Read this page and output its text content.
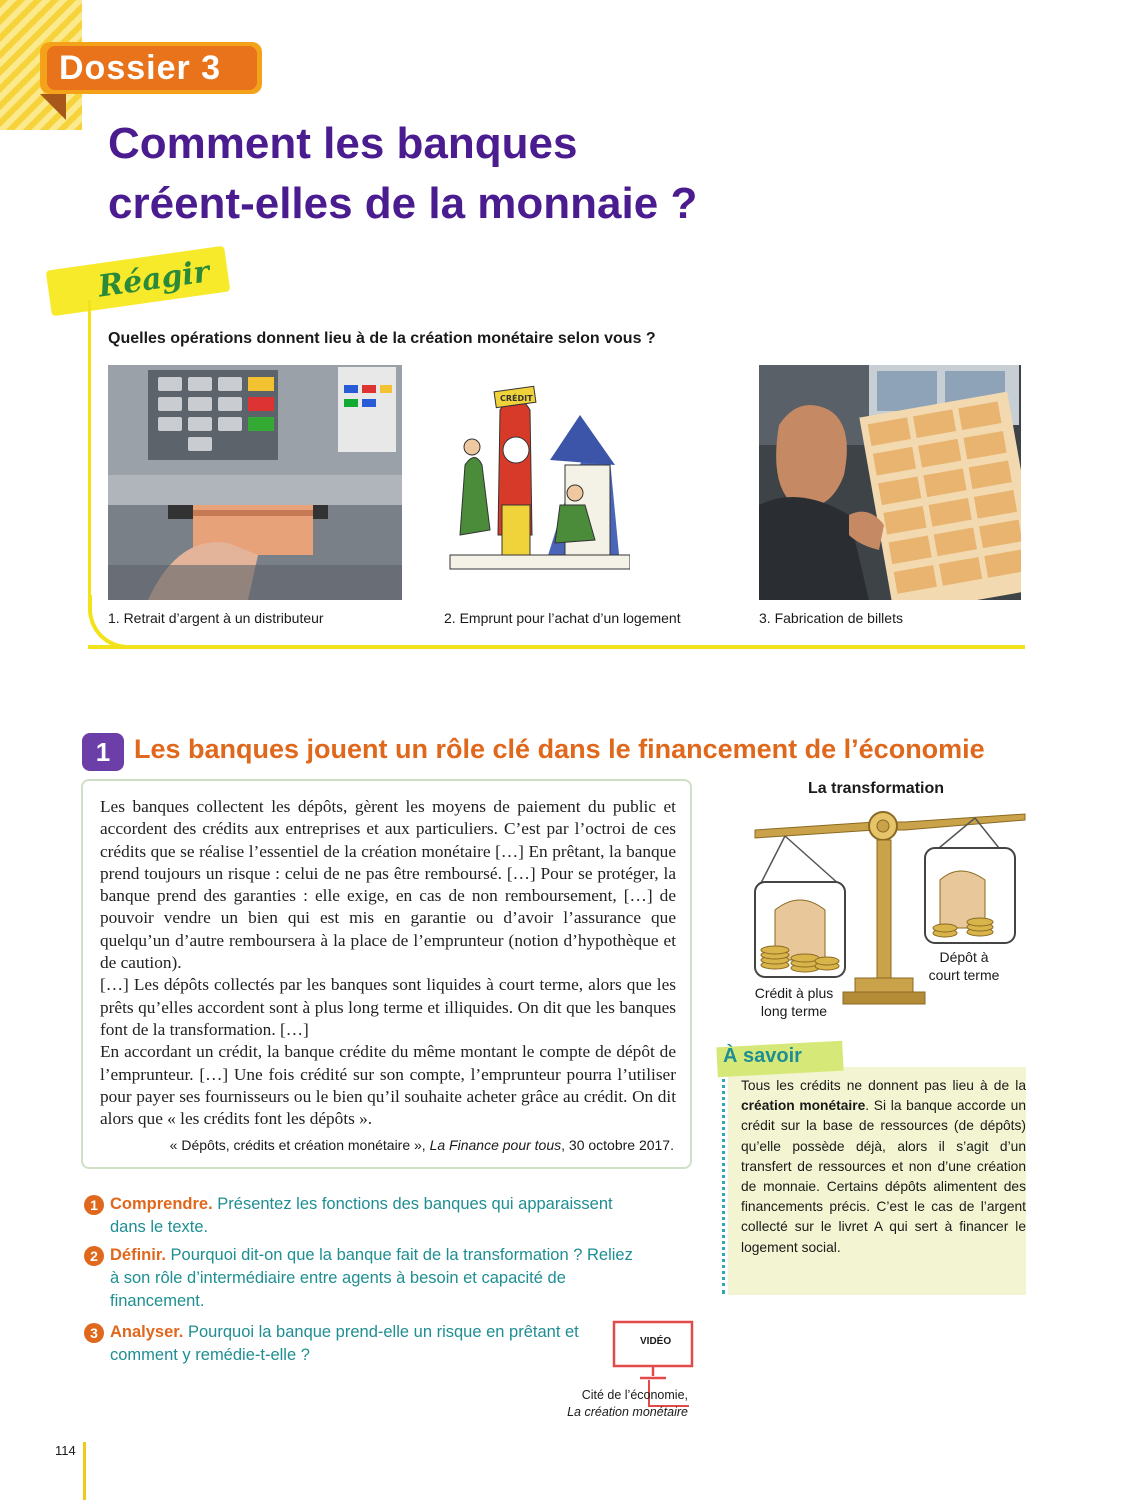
Dossier 3
Comment les banques
créent-elles de la monnaie ?
Réagir
Quelles opérations donnent lieu à de la création monétaire selon vous ?
1. Retrait d’argent à un distributeur
CRÉDIT
2. Emprunt pour l’achat d’un logement	3. Fabrication de billets
1 Les banques jouent un rôle clé dans le financement de l’économie

Les banques collectent les dépôts, gèrent les moyens de paiement du public et accordent des crédits aux entreprises et aux particuliers. C’est par l’octroi de ces crédits que se réalise l’essentiel de la création monétaire […] En prêtant, la banque prend toujours un risque : celui de ne pas être remboursé. […] Pour se protéger, la banque prend des garanties : elle exige, en cas de non remboursement, […] de pouvoir vendre un bien qui est mis en garantie ou d’avoir l’assurance que quelqu’un d’autre remboursera à la place de l’emprunteur (notion d’hypothèque et de caution).

[…] Les dépôts collectés par les banques sont liquides à court terme, alors que les prêts qu’elles accordent sont à plus long terme et illiquides. On dit que les banques font de la transformation. […]

En accordant un crédit, la banque crédite du même montant le compte de dépôt de l’emprunteur. […] Une fois crédité sur son compte, l’emprunteur pourra l’utiliser pour payer ses fournisseurs ou le bien qu’il souhaite acheter grâce au crédit. On dit alors que « les crédits font les dépôts ».

« Dépôts, crédits et création monétaire », La Finance pour tous, 30 octobre 2017.
1 Comprendre. Présentez les fonctions des banques qui apparaissent dans le texte.
2 Définir. Pourquoi dit-on que la banque fait de la transformation ? Reliez à son rôle d’intermédiaire entre agents à besoin et capacité de financement.
3 Analyser. Pourquoi la banque prend-elle un risque en prêtant et comment y remédie-t-elle ?
VIDÉO
Cité de l’économie,
La création monétaire
La transformation
Crédit à plus
long terme
Dépôt à
court terme
À savoir
Tous les crédits ne donnent pas lieu à de la création monétaire. Si la banque accorde un crédit sur la base de ressources (de dépôts) qu’elle possède déjà, alors il s’agit d’un transfert de ressources et non d’une création de monnaie. Certains dépôts alimentent des financements précis. C’est le cas de l’argent collecté sur le livret A qui sert à financer le logement social.
114
